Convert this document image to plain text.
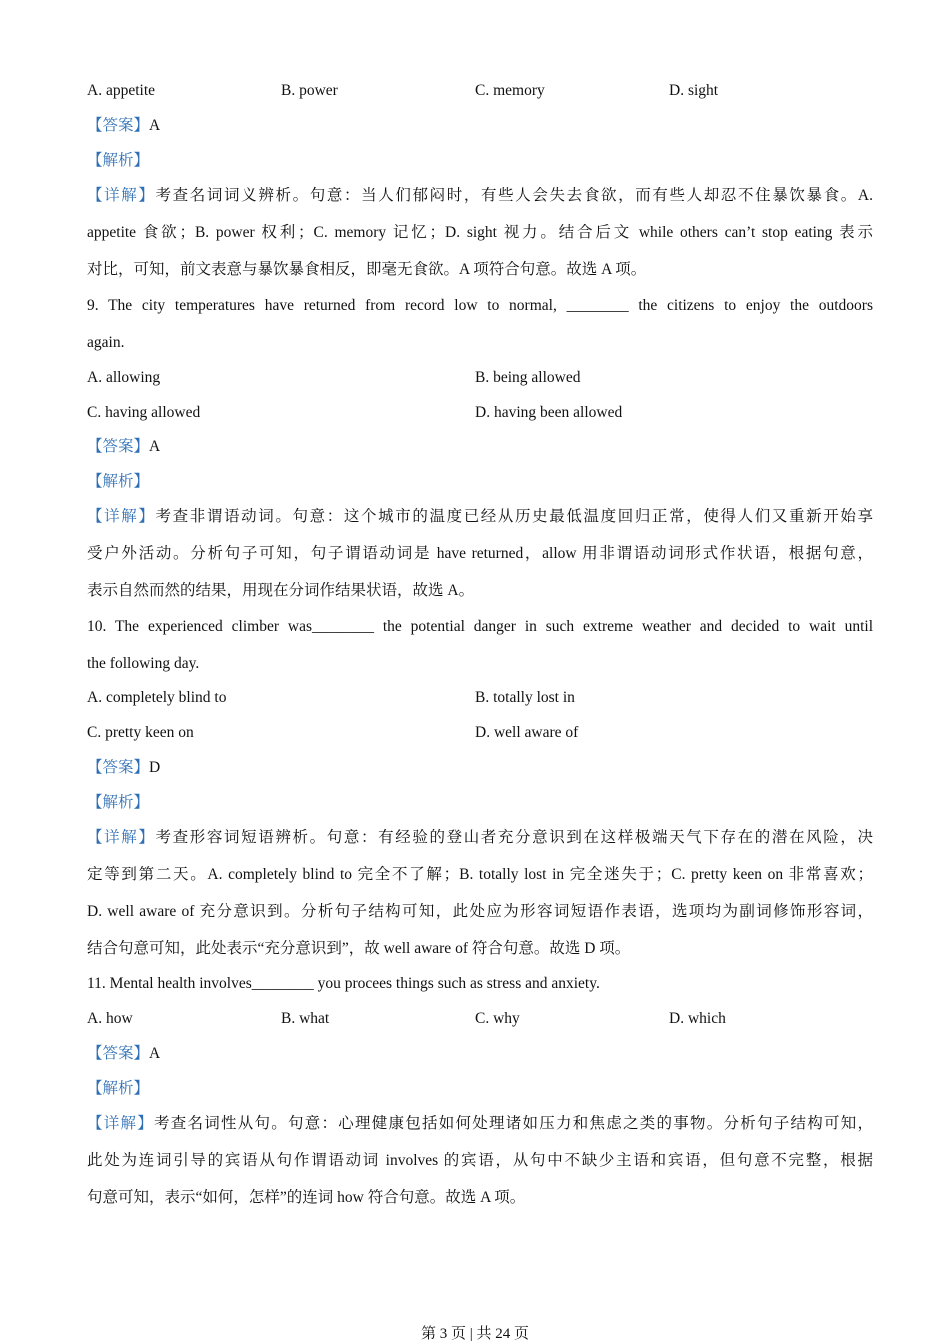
A. appetite	B. power	C. memory	D. sight
【答案】A
【解析】
【详解】考查名词词义辨析。句意：当人们郁闷时，有些人会失去食欲，而有些人却忍不住暴饮暴食。A.
appetite 食欲；B. power 权利；C. memory 记忆；D. sight 视力。结合后文 while others can’t stop eating 表示
对比，可知，前文表意与暴饮暴食相反，即毫无食欲。A 项符合句意。故选 A 项。
9. The city temperatures have returned from record low to normal, ________ the citizens to enjoy the outdoors
again.
A. allowing	B. being allowed
C. having allowed	D. having been allowed
【答案】A
【解析】
【详解】考查非谓语动词。句意：这个城市的温度已经从历史最低温度回归正常，使得人们又重新开始享
受户外活动。分析句子可知，句子谓语动词是 have returned，allow 用非谓语动词形式作状语，根据句意，
表示自然而然的结果，用现在分词作结果状语，故选 A。
10. The experienced climber was________ the potential danger in such extreme weather and decided to wait until
the following day.
A. completely blind to	B. totally lost in
C. pretty keen on	D. well aware of
【答案】D
【解析】
【详解】考查形容词短语辨析。句意：有经验的登山者充分意识到在这样极端天气下存在的潜在风险，决
定等到第二天。A. completely blind to 完全不了解；B. totally lost in 完全迷失于；C. pretty keen on 非常喜欢；
D. well aware of 充分意识到。分析句子结构可知，此处应为形容词短语作表语，选项均为副词修饰形容词，
结合句意可知，此处表示“充分意识到”，故 well aware of 符合句意。故选 D 项。
11. Mental health involves________ you procees things such as stress and anxiety.
A. how	B. what	C. why	D. which
【答案】A
【解析】
【详解】考查名词性从句。句意：心理健康包括如何处理诸如压力和焦虑之类的事物。分析句子结构可知，
此处为连词引导的宾语从句作谓语动词 involves 的宾语，从句中不缺少主语和宾语，但句意不完整，根据
句意可知，表示“如何，怎样”的连词 how 符合句意。故选 A 项。
第 3 页 | 共 24 页
